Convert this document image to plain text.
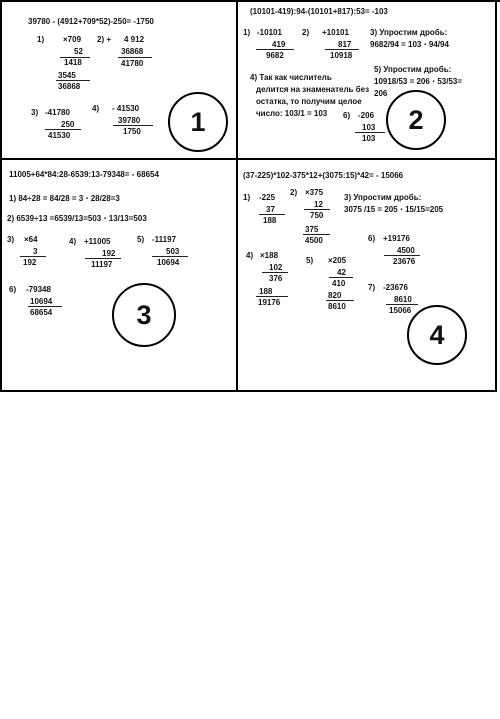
39780 - (4912+709*52)-250= -1750
1) ×709
52
1418
3545
36868
2) + 4 912
36868
41780
3) -41780
250
41530
4) - 41530
39780
1750	1
(10101-419):94-(10101+817):53= -103
1) -10101
419
9682
2) +10101
817
10918
3) Упростим дробь:
9682/94 = 103 ⋅ 94/94
4) Так как числитель
делится на знаменатель без
остатка, то получим целое
число: 103/1 = 103
5) Упростим дробь:
10918/53 = 206 ⋅ 53/53=
206
6) -206
103
103
2
11005+64*84:28-6539:13-79348= - 68654
1) 84÷28 = 84/28 = 3 ⋅ 28/28=3
2) 6539÷13 =6539/13=503 ⋅ 13/13=503
3) ×64
3
192
4) +11005
192
11197
5) -11197
503
10694
6) -79348
10694
68654	3
(37-225)*102-375*12+(3075:15)*42= - 15066
1) -225
37
188
2) ×375
12
750
375
4500
3) Упростим дробь:
3075 /15 = 205 ⋅ 15/15=205
4) ×188
102
376
188
19176
5) ×205
42
410
820
8610
6) +19176
4500
23676
7) -23676
8610
15066
4
